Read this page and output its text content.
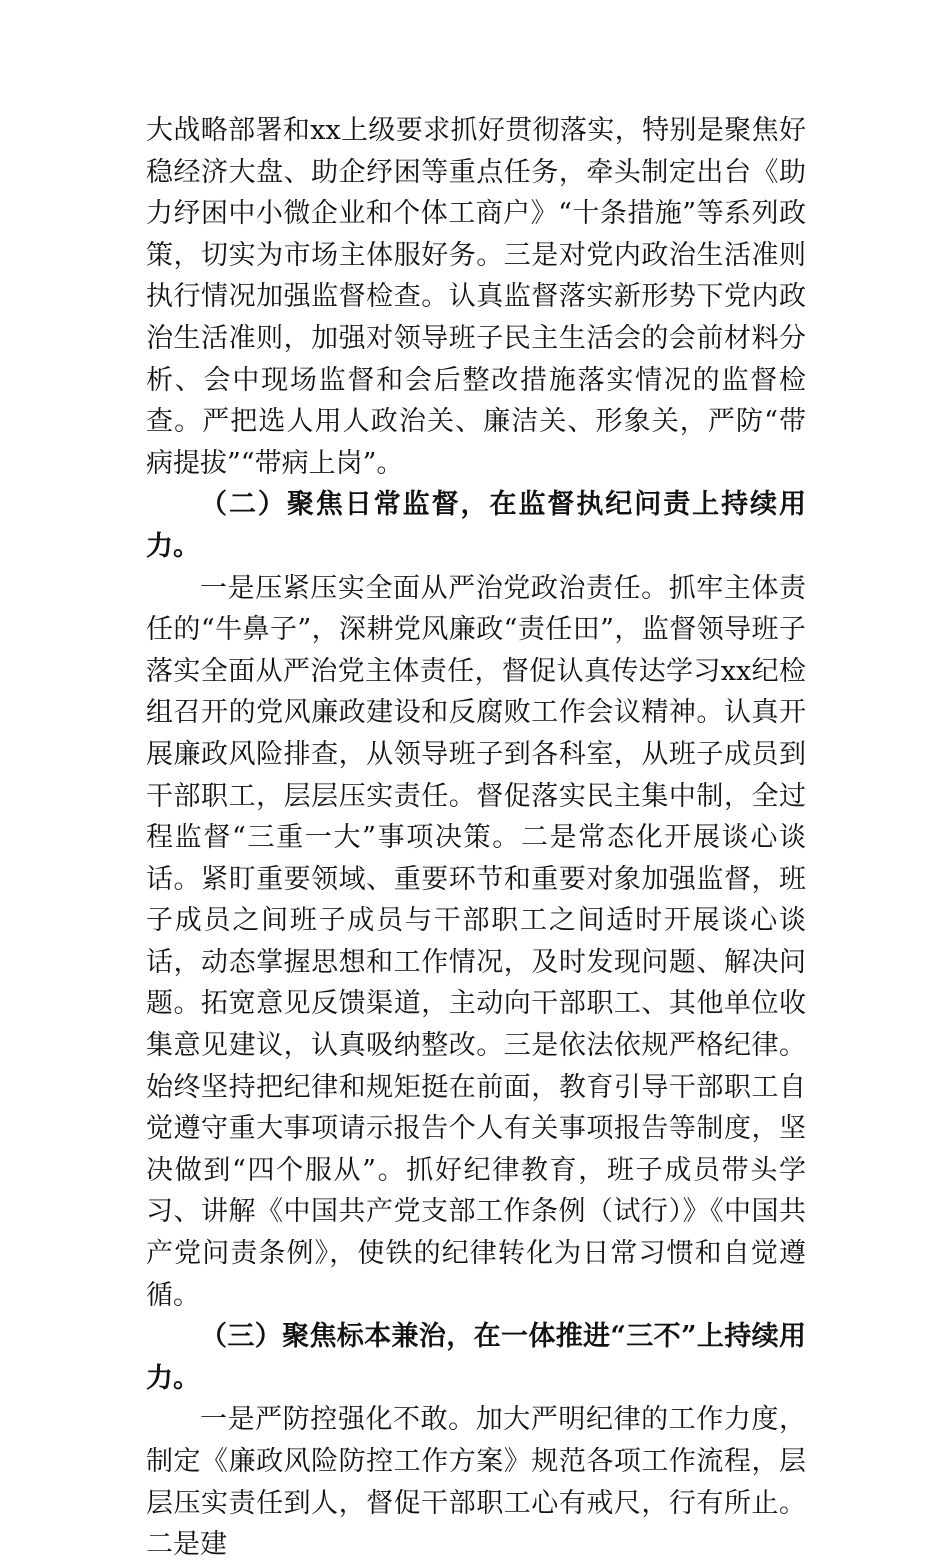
大战略部署和xx上级要求抓好贯彻落实，特别是聚焦好稳经济大盘、助企纾困等重点任务，牵头制定出台《助力纾困中小微企业和个体工商户》“十条措施”等系列政策，切实为市场主体服好务。三是对党内政治生活准则执行情况加强监督检查。认真监督落实新形势下党内政治生活准则，加强对领导班子民主生活会的会前材料分析、会中现场监督和会后整改措施落实情况的监督检查。严把选人用人政治关、廉洁关、形象关，严防“带病提拔”“带病上岗”。

（二）聚焦日常监督，在监督执纪问责上持续用力。

一是压紧压实全面从严治党政治责任。抓牢主体责任的“牛鼻子”，深耕党风廉政“责任田”，监督领导班子落实全面从严治党主体责任，督促认真传达学习xx纪检组召开的党风廉政建设和反腐败工作会议精神。认真开展廉政风险排查，从领导班子到各科室，从班子成员到干部职工，层层压实责任。督促落实民主集中制，全过程监督“三重一大”事项决策。二是常态化开展谈心谈话。紧盯重要领域、重要环节和重要对象加强监督，班子成员之间班子成员与干部职工之间适时开展谈心谈话，动态掌握思想和工作情况，及时发现问题、解决问题。拓宽意见反馈渠道，主动向干部职工、其他单位收集意见建议，认真吸纳整改。三是依法依规严格纪律。始终坚持把纪律和规矩挺在前面，教育引导干部职工自觉遵守重大事项请示报告个人有关事项报告等制度，坚决做到“四个服从”。抓好纪律教育，班子成员带头学习、讲解《中国共产党支部工作条例（试行）》《中国共产党问责条例》，使铁的纪律转化为日常习惯和自觉遵循。

（三）聚焦标本兼治，在一体推进“三不”上持续用力。

一是严防控强化不敢。加大严明纪律的工作力度，制定《廉政风险防控工作方案》规范各项工作流程，层层压实责任到人，督促干部职工心有戒尺，行有所止。二是建
